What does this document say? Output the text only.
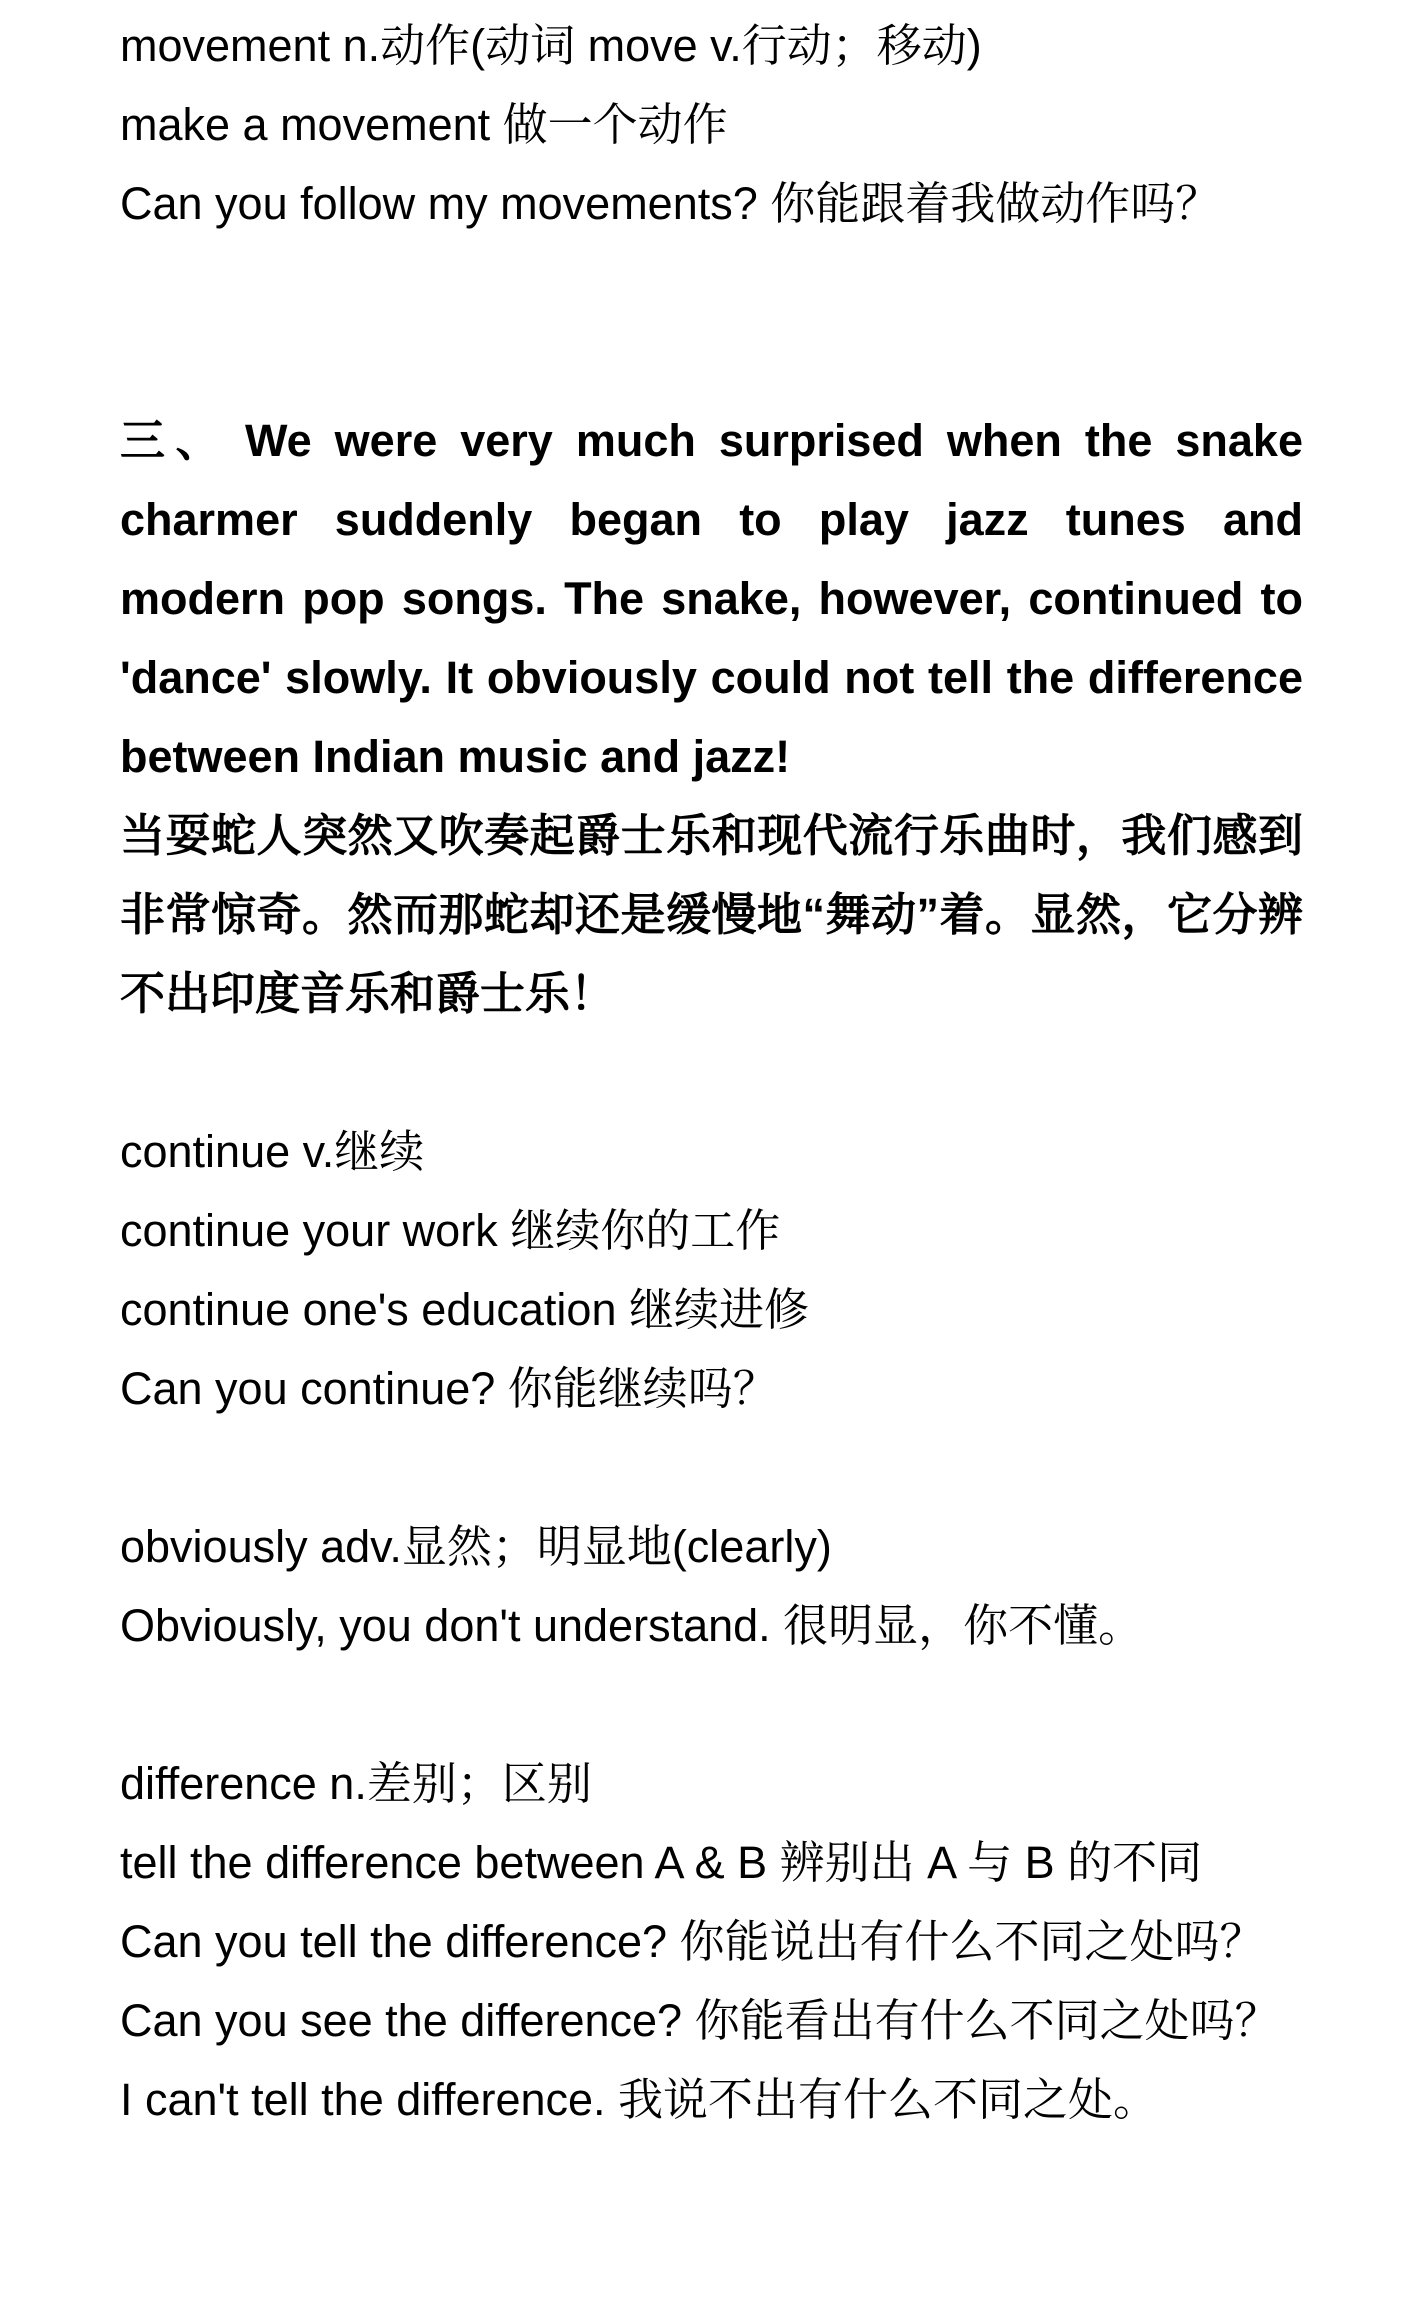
movement n.动作(动词 move v.行动；移动)

make a movement 做一个动作

Can you follow my movements? 你能跟着我做动作吗？

三、 We were very much surprised when the snake charmer suddenly began to play jazz tunes and modern pop songs. The snake, however, continued to 'dance' slowly. It obviously could not tell the difference between Indian music and jazz!

当耍蛇人突然又吹奏起爵士乐和现代流行乐曲时，我们感到非常惊奇。然而那蛇却还是缓慢地“舞动”着。显然，它分辨不出印度音乐和爵士乐！

continue v.继续

continue your work 继续你的工作

continue one's education 继续进修

Can you continue? 你能继续吗？

obviously adv.显然；明显地(clearly)

Obviously, you don't understand. 很明显，你不懂。

difference n.差别；区别

tell the difference between A & B 辨别出 A 与 B 的不同

Can you tell the difference? 你能说出有什么不同之处吗？

Can you see the difference? 你能看出有什么不同之处吗？

I can't tell the difference. 我说不出有什么不同之处。
